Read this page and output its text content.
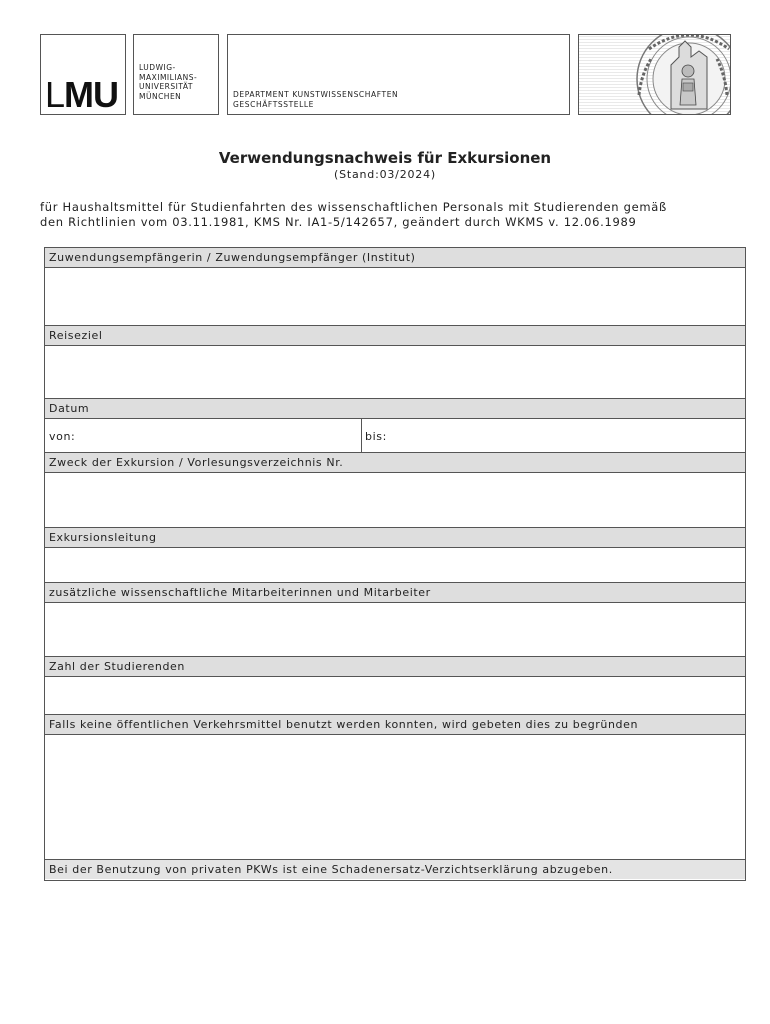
LMU
LUDWIG-
MAXIMILIANS-
UNIVERSITÄT
MÜNCHEN	DEPARTMENT KUNSTWISSENSCHAFTEN
GESCHÄFTSSTELLE
Verwendungsnachweis für Exkursionen
(Stand:03/2024)
für Haushaltsmittel für Studienfahrten des wissenschaftlichen Personals mit Studierenden gemäß
den Richtlinien vom 03.11.1981, KMS Nr. IA1-5/142657, geändert durch WKMS v. 12.06.1989
Zuwendungsempfängerin / Zuwendungsempfänger (Institut)
Reiseziel
Datum
von:	bis:
Zweck der Exkursion / Vorlesungsverzeichnis Nr.
Exkursionsleitung
zusätzliche wissenschaftliche Mitarbeiterinnen und Mitarbeiter
Zahl der Studierenden
Falls keine öffentlichen Verkehrsmittel benutzt werden konnten, wird gebeten dies zu begründen
Bei der Benutzung von privaten PKWs ist eine Schadenersatz-Verzichtserklärung abzugeben.
